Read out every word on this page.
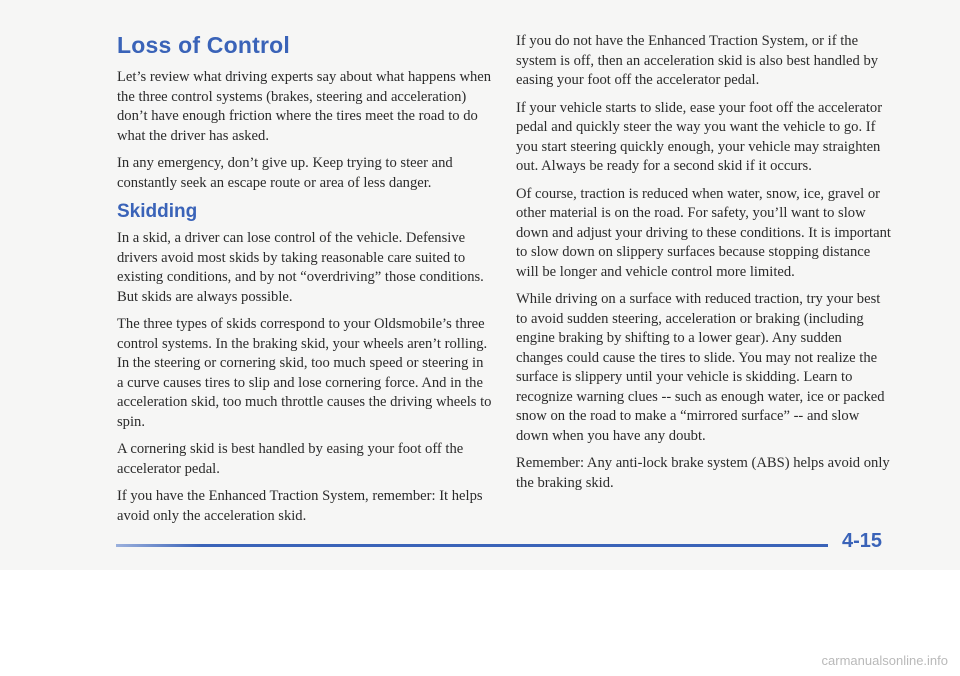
Loss of Control

Let’s review what driving experts say about what happens when the three control systems (brakes, steering and acceleration) don’t have enough friction where the tires meet the road to do what the driver has asked.

In any emergency, don’t give up. Keep trying to steer and constantly seek an escape route or area of less danger.

Skidding

In a skid, a driver can lose control of the vehicle. Defensive drivers avoid most skids by taking reasonable care suited to existing conditions, and by not “overdriving” those conditions. But skids are always possible.

The three types of skids correspond to your Oldsmobile’s three control systems. In the braking skid, your wheels aren’t rolling. In the steering or cornering skid, too much speed or steering in a curve causes tires to slip and lose cornering force. And in the acceleration skid, too much throttle causes the driving wheels to spin.

A cornering skid is best handled by easing your foot off the accelerator pedal.

If you have the Enhanced Traction System, remember: It helps avoid only the acceleration skid.

If you do not have the Enhanced Traction System, or if the system is off, then an acceleration skid is also best handled by easing your foot off the accelerator pedal.

If your vehicle starts to slide, ease your foot off the accelerator pedal and quickly steer the way you want the vehicle to go. If you start steering quickly enough, your vehicle may straighten out. Always be ready for a second skid if it occurs.

Of course, traction is reduced when water, snow, ice, gravel or other material is on the road. For safety, you’ll want to slow down and adjust your driving to these conditions. It is important to slow down on slippery surfaces because stopping distance will be longer and vehicle control more limited.

While driving on a surface with reduced traction, try your best to avoid sudden steering, acceleration or braking (including engine braking by shifting to a lower gear). Any sudden changes could cause the tires to slide. You may not realize the surface is slippery until your vehicle is skidding. Learn to recognize warning clues -- such as enough water, ice or packed snow on the road to make a “mirrored surface” -- and slow down when you have any doubt.

Remember: Any anti-lock brake system (ABS) helps avoid only the braking skid.

4-15
carmanualsonline.info
